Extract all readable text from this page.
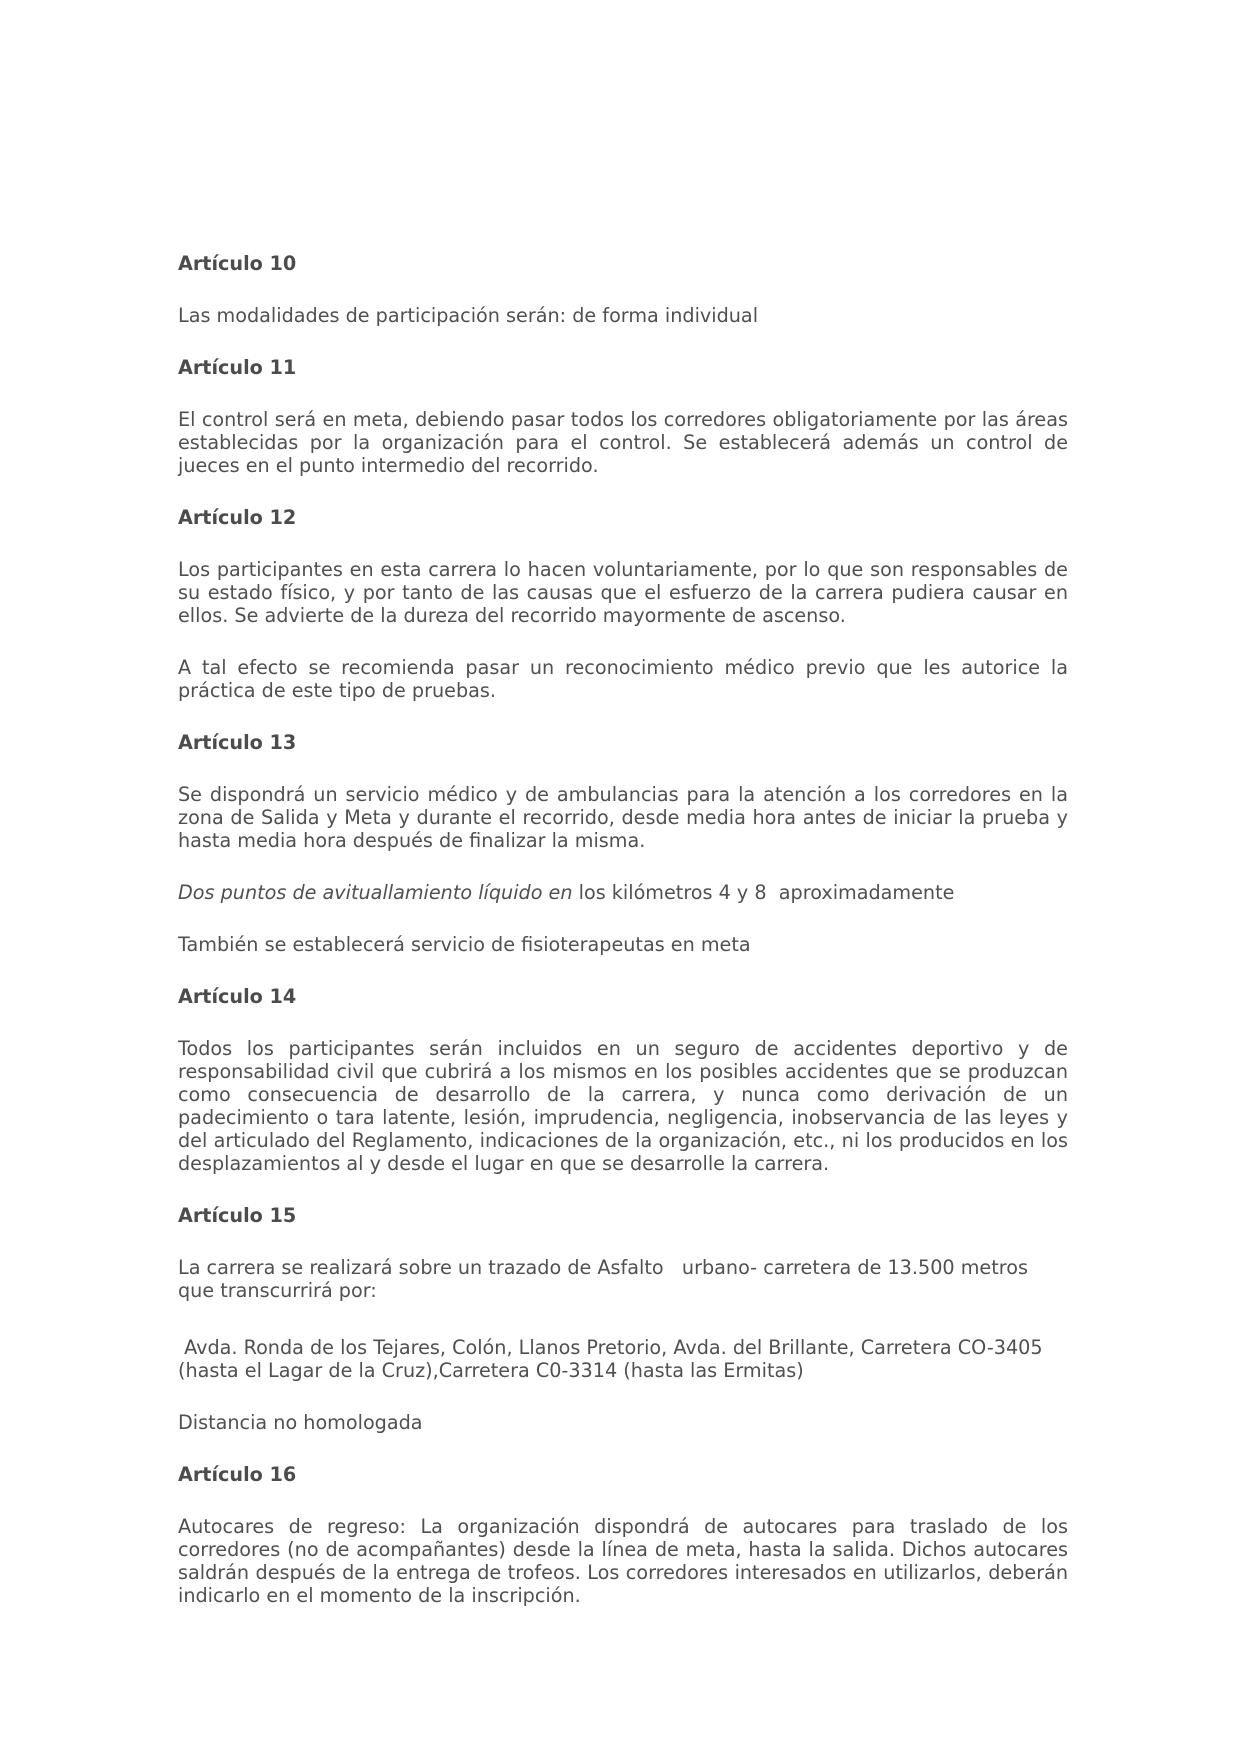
Artículo 10

Las modalidades de participación serán: de forma individual

Artículo 11

El control será en meta, debiendo pasar todos los corredores obligatoriamente por las áreas establecidas por la organización para el control. Se establecerá además un control de jueces en el punto intermedio del recorrido.

Artículo 12

Los participantes en esta carrera lo hacen voluntariamente, por lo que son responsables de su estado físico, y por tanto de las causas que el esfuerzo de la carrera pudiera causar en ellos. Se advierte de la dureza del recorrido mayormente de ascenso.

A tal efecto se recomienda pasar un reconocimiento médico previo que les autorice la práctica de este tipo de pruebas.

Artículo 13

Se dispondrá un servicio médico y de ambulancias para la atención a los corredores en la zona de Salida y Meta y durante el recorrido, desde media hora antes de iniciar la prueba y hasta media hora después de finalizar la misma.

Dos puntos de avituallamiento líquido en los kilómetros 4 y 8  aproximadamente

También se establecerá servicio de fisioterapeutas en meta

Artículo 14

Todos los participantes serán incluidos en un seguro de accidentes deportivo y de responsabilidad civil que cubrirá a los mismos en los posibles accidentes que se produzcan como consecuencia de desarrollo de la carrera, y nunca como derivación de un padecimiento o tara latente, lesión, imprudencia, negligencia, inobservancia de las leyes y del articulado del Reglamento, indicaciones de la organización, etc., ni los producidos en los desplazamientos al y desde el lugar en que se desarrolle la carrera.

Artículo 15

La carrera se realizará sobre un trazado de Asfalto   urbano- carretera de 13.500 metros que transcurrirá por:

Avda. Ronda de los Tejares, Colón, Llanos Pretorio, Avda. del Brillante, Carretera CO-3405 (hasta el Lagar de la Cruz),Carretera C0-3314 (hasta las Ermitas)

Distancia no homologada

Artículo 16

Autocares de regreso: La organización dispondrá de autocares para traslado de los corredores (no de acompañantes) desde la línea de meta, hasta la salida. Dichos autocares saldrán después de la entrega de trofeos. Los corredores interesados en utilizarlos, deberán indicarlo en el momento de la inscripción.
